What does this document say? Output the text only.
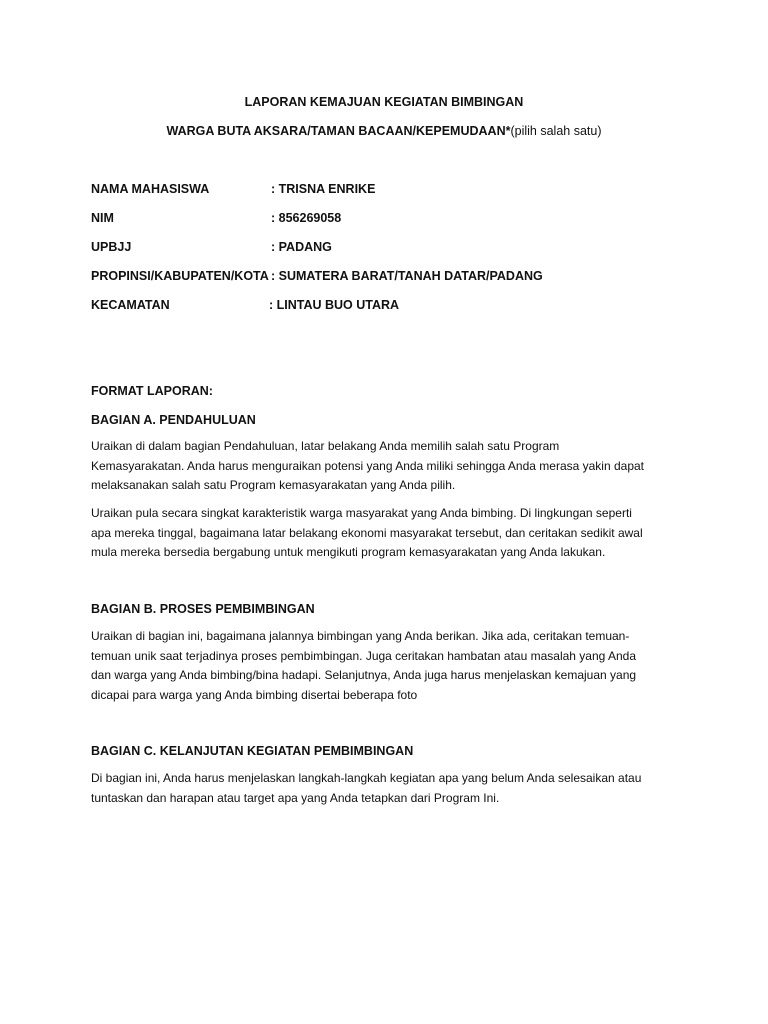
LAPORAN KEMAJUAN KEGIATAN BIMBINGAN
WARGA BUTA AKSARA/TAMAN BACAAN/KEPEMUDAAN*(pilih salah satu)
NAMA MAHASISWA	: TRISNA ENRIKE
NIM	: 856269058
UPBJJ	: PADANG
PROPINSI/KABUPATEN/KOTA : SUMATERA BARAT/TANAH DATAR/PADANG
KECAMATAN	: LINTAU BUO UTARA
FORMAT LAPORAN:
BAGIAN A. PENDAHULUAN
Uraikan di dalam bagian Pendahuluan, latar belakang Anda memilih salah satu Program
Kemasyarakatan. Anda harus menguraikan potensi yang Anda miliki sehingga Anda merasa yakin dapat
melaksanakan salah satu Program kemasyarakatan yang Anda pilih.
Uraikan pula secara singkat karakteristik warga masyarakat yang Anda bimbing. Di lingkungan seperti
apa mereka tinggal, bagaimana latar belakang ekonomi masyarakat tersebut, dan ceritakan sedikit awal
mula mereka bersedia bergabung untuk mengikuti program kemasyarakatan yang Anda lakukan.
BAGIAN B. PROSES PEMBIMBINGAN
Uraikan di bagian ini, bagaimana jalannya bimbingan yang Anda berikan. Jika ada, ceritakan temuan-
temuan unik saat terjadinya proses pembimbingan. Juga ceritakan hambatan atau masalah yang Anda
dan warga yang Anda bimbing/bina hadapi. Selanjutnya, Anda juga harus menjelaskan kemajuan yang
dicapai para warga yang Anda bimbing disertai beberapa foto
BAGIAN C. KELANJUTAN KEGIATAN PEMBIMBINGAN
Di bagian ini, Anda harus menjelaskan langkah-langkah kegiatan apa yang belum Anda selesaikan atau
tuntaskan dan harapan atau target apa yang Anda tetapkan dari Program Ini.
